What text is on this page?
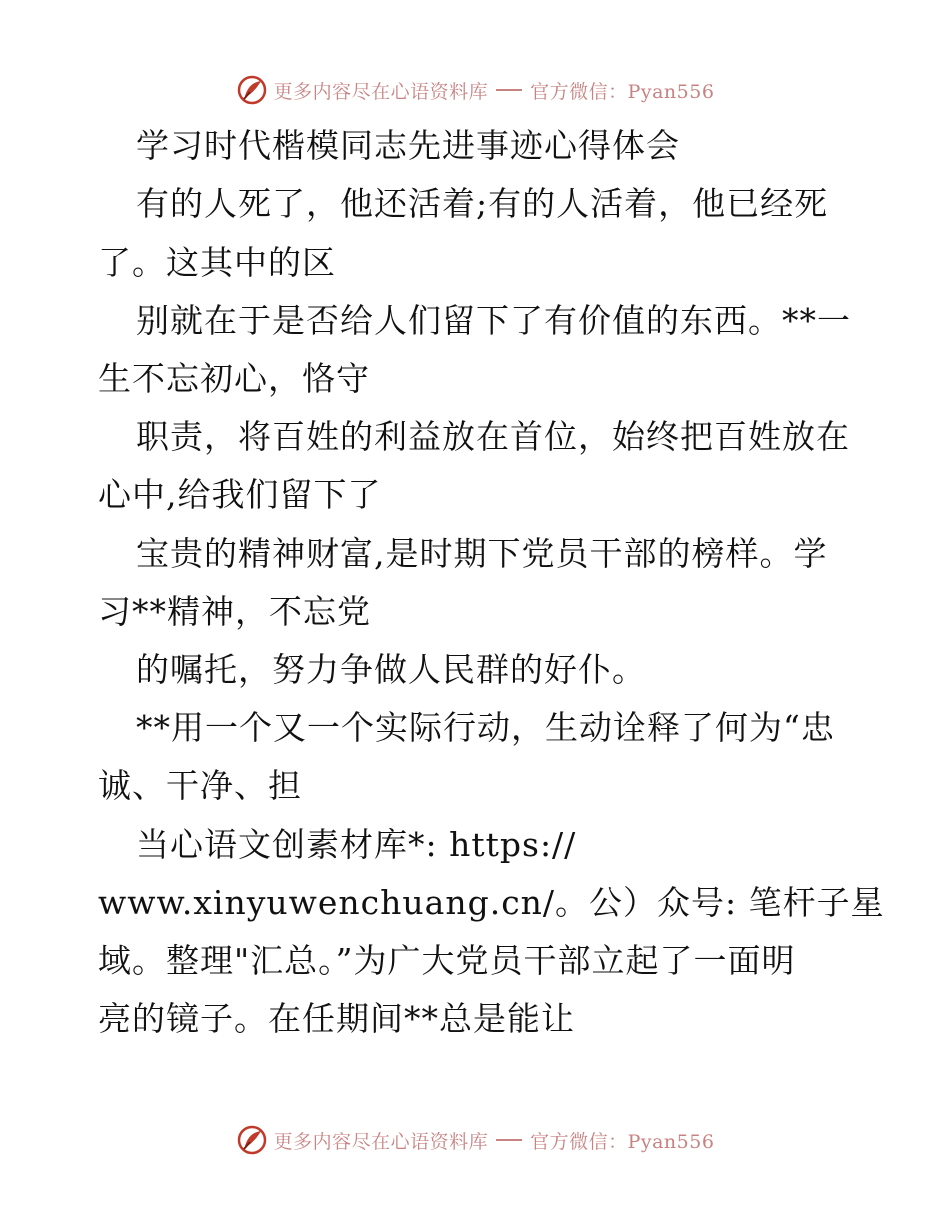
更多内容尽在心语资料库 官方微信：Pyan556
学习时代楷模同志先进事迹心得体会
有的人死了，他还活着;有的人活着，他已经死
了。这其中的区
别就在于是否给人们留下了有价值的东西。**一
生不忘初心，恪守
职责，将百姓的利益放在首位，始终把百姓放在
心中,给我们留下了
宝贵的精神财富,是时期下党员干部的榜样。学
习**精神，不忘党
的嘱托，努力争做人民群的好仆。
**用一个又一个实际行动，生动诠释了何为“忠
诚、干净、担
当心语文创素材库*: https://
www.xinyuwenchuang.cn/。公）众号: 笔杆子星
域。整理"汇总。”为广大党员干部立起了一面明
亮的镜子。在任期间**总是能让
更多内容尽在心语资料库 官方微信：Pyan556
